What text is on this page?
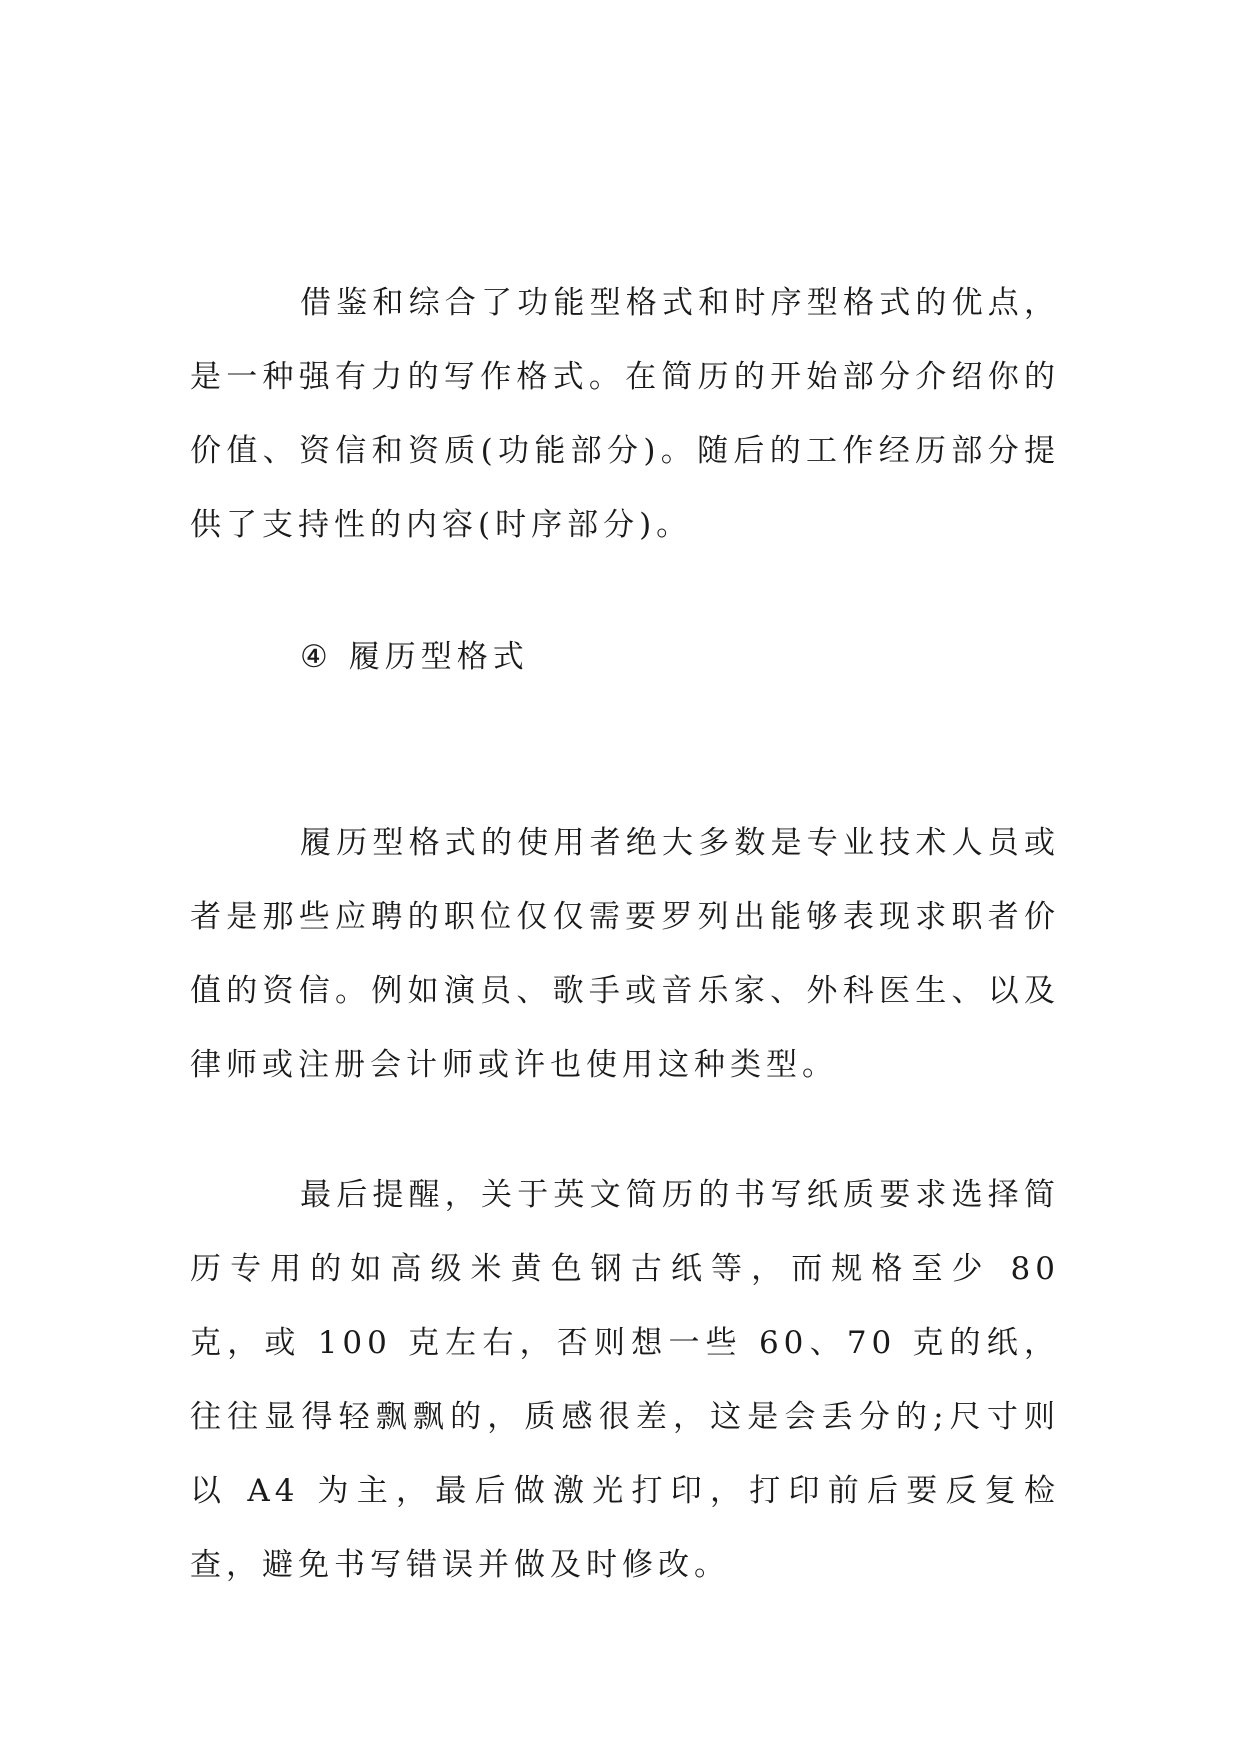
借鉴和综合了功能型格式和时序型格式的优点，是一种强有力的写作格式。在简历的开始部分介绍你的价值、资信和资质(功能部分)。随后的工作经历部分提供了支持性的内容(时序部分)。

④ 履历型格式

履历型格式的使用者绝大多数是专业技术人员或者是那些应聘的职位仅仅需要罗列出能够表现求职者价值的资信。例如演员、歌手或音乐家、外科医生、以及律师或注册会计师或许也使用这种类型。

最后提醒，关于英文简历的书写纸质要求选择简历专用的如高级米黄色钢古纸等，而规格至少 80 克，或 100 克左右，否则想一些 60、70 克的纸，往往显得轻飘飘的，质感很差，这是会丢分的;尺寸则以 A4 为主，最后做激光打印，打印前后要反复检查，避免书写错误并做及时修改。
